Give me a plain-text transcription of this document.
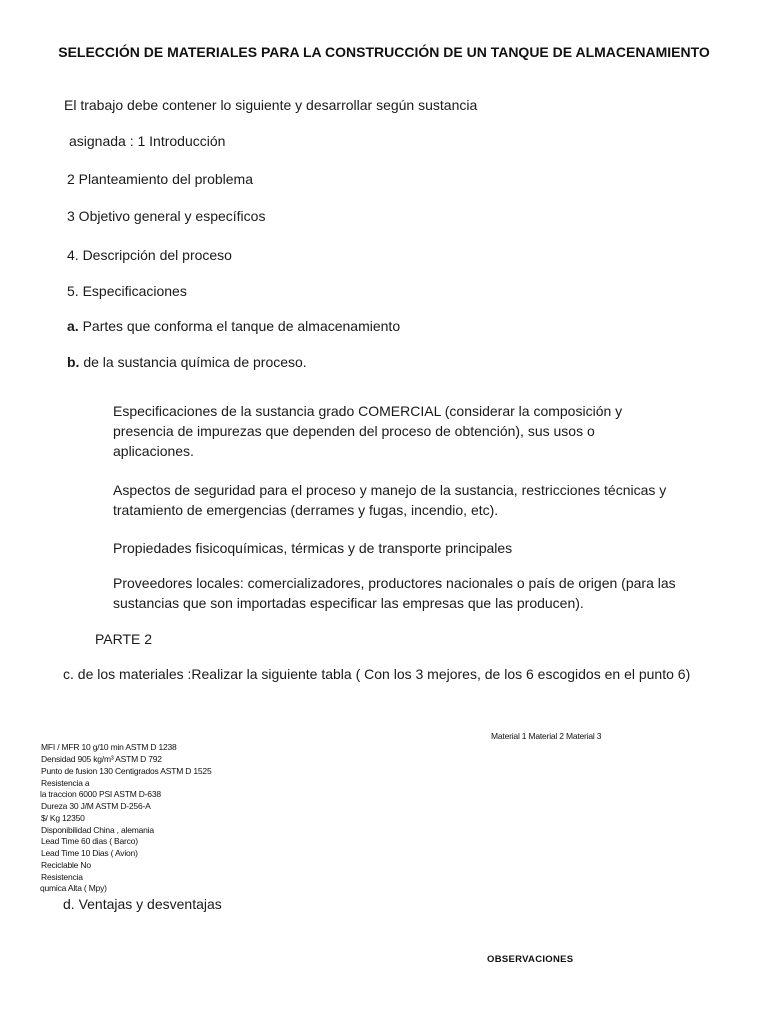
SELECCIÓN DE MATERIALES PARA LA CONSTRUCCIÓN DE UN TANQUE DE ALMACENAMIENTO
El trabajo debe contener lo siguiente y desarrollar según sustancia
asignada : 1 Introducción
2 Planteamiento del problema
3 Objetivo general y específicos
4. Descripción del proceso
5. Especificaciones
a. Partes que conforma el tanque de almacenamiento
b. de la sustancia química de proceso.
Especificaciones de la sustancia grado COMERCIAL (considerar la composición y presencia de impurezas que dependen del proceso de obtención), sus usos o aplicaciones.
Aspectos de seguridad para el proceso y manejo de la sustancia, restricciones técnicas y tratamiento de emergencias (derrames y fugas, incendio, etc).
Propiedades fisicoquímicas, térmicas y de transporte principales
Proveedores locales: comercializadores, productores nacionales o país de origen (para las sustancias que son importadas especificar las empresas que las producen).
PARTE 2
c. de los materiales :Realizar la siguiente tabla ( Con los 3 mejores, de los 6 escogidos en el punto 6)
Material 1 Material 2 Material 3
MFI / MFR 10 g/10 min ASTM D 1238
Densidad 905 kg/m³ ASTM D 792
Punto de fusion 130 Centigrados ASTM D 1525
Resistencia a
la traccion 6000 PSI ASTM D-638
Dureza 30 J/M ASTM D-256-A
$/ Kg 12350
Disponibilidad China , alemania
Lead Time 60 dias ( Barco)
Lead Time 10 Dias ( Avion)
Reciclable No
Resistencia
qumica Alta ( Mpy)
d. Ventajas y desventajas
OBSERVACIONES
